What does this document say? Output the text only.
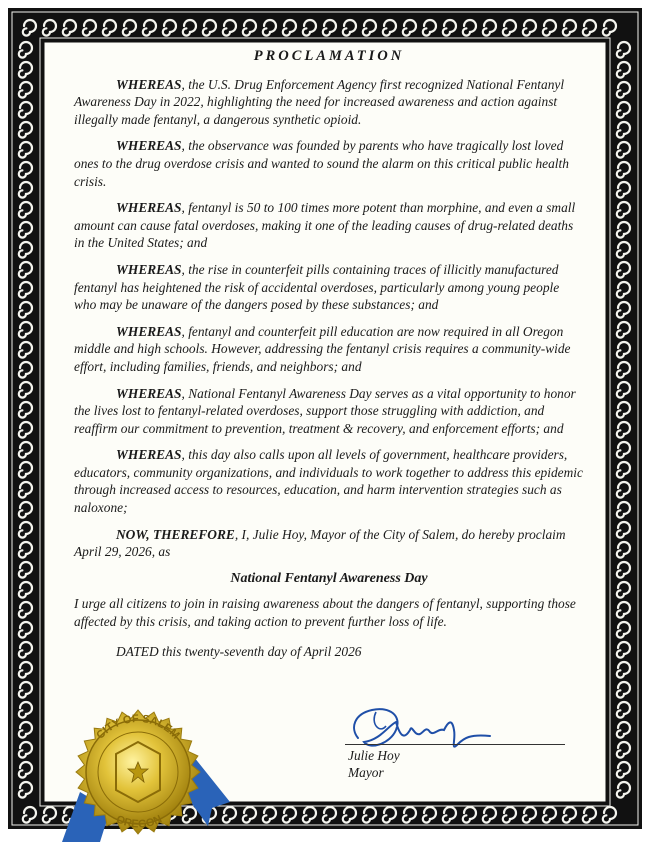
PROCLAMATION

WHEREAS, the U.S. Drug Enforcement Agency first recognized National Fentanyl Awareness Day in 2022, highlighting the need for increased awareness and action against illegally made fentanyl, a dangerous synthetic opioid.

WHEREAS, the observance was founded by parents who have tragically lost loved ones to the drug overdose crisis and wanted to sound the alarm on this critical public health crisis.

WHEREAS, fentanyl is 50 to 100 times more potent than morphine, and even a small amount can cause fatal overdoses, making it one of the leading causes of drug-related deaths in the United States; and

WHEREAS, the rise in counterfeit pills containing traces of illicitly manufactured fentanyl has heightened the risk of accidental overdoses, particularly among young people who may be unaware of the dangers posed by these substances; and

WHEREAS, fentanyl and counterfeit pill education are now required in all Oregon middle and high schools. However, addressing the fentanyl crisis requires a community-wide effort, including families, friends, and neighbors; and

WHEREAS, National Fentanyl Awareness Day serves as a vital opportunity to honor the lives lost to fentanyl-related overdoses, support those struggling with addiction, and reaffirm our commitment to prevention, treatment & recovery, and enforcement efforts; and

WHEREAS, this day also calls upon all levels of government, healthcare providers, educators, community organizations, and individuals to work together to address this epidemic through increased access to resources, education, and harm intervention strategies such as naloxone;

NOW, THEREFORE, I, Julie Hoy, Mayor of the City of Salem, do hereby proclaim April 29, 2026, as

National Fentanyl Awareness Day

I urge all citizens to join in raising awareness about the dangers of fentanyl, supporting those affected by this crisis, and taking action to prevent further loss of life.

DATED this twenty-seventh day of April 2026
Julie Hoy
Mayor
CITY OF SALEM
OREGON
